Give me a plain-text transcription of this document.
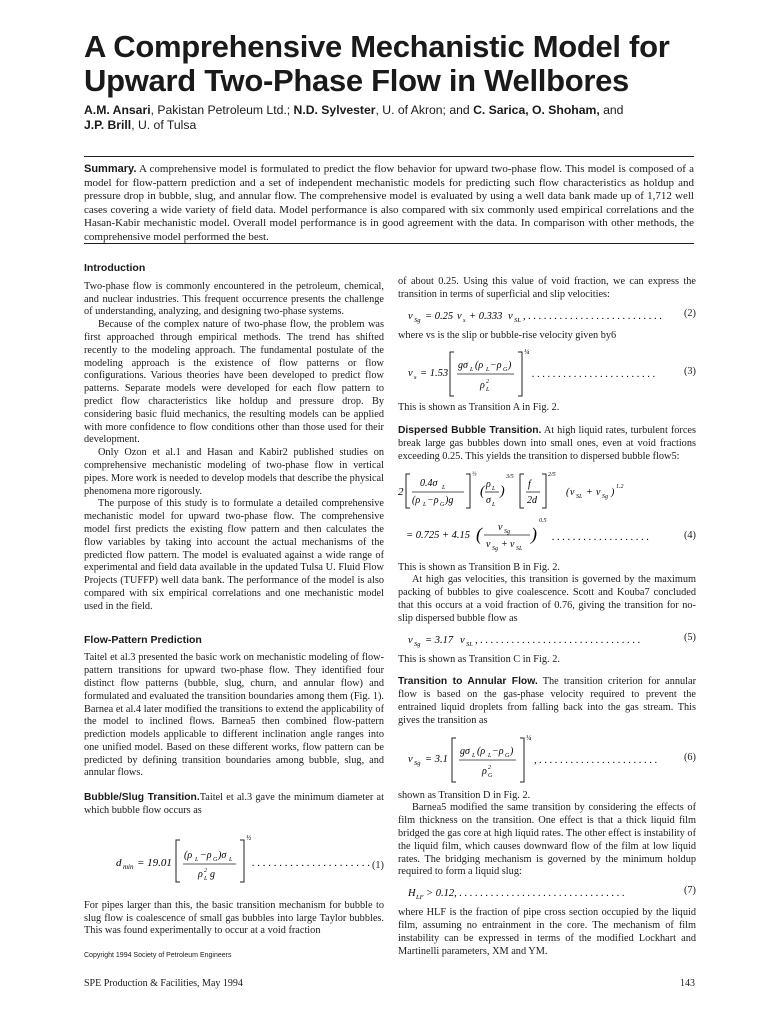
A Comprehensive Mechanistic Model for Upward Two-Phase Flow in Wellbores
A.M. Ansari, Pakistan Petroleum Ltd.; N.D. Sylvester, U. of Akron; and C. Sarica, O. Shoham, and
J.P. Brill, U. of Tulsa
Summary. A comprehensive model is formulated to predict the flow behavior for upward two-phase flow. This model is composed of a model for flow-pattern prediction and a set of independent mechanistic models for predicting such flow characteristics as holdup and pressure drop in bubble, slug, and annular flow. The comprehensive model is evaluated by using a well data bank made up of 1,712 well cases covering a wide variety of field data. Model performance is also compared with six commonly used empirical correlations and the Hasan-Kabir mechanistic model. Overall model performance is in good agreement with the data. In comparison with other methods, the comprehensive model performed the best.
Introduction

Two-phase flow is commonly encountered in the petroleum, chemical, and nuclear industries. This frequent occurrence presents the challenge of understanding, analyzing, and designing two-phase systems.

Because of the complex nature of two-phase flow, the problem was first approached through empirical methods. The trend has shifted recently to the modeling approach. The fundamental postulate of the modeling approach is the existence of flow patterns or flow configurations. Various theories have been developed to predict flow patterns. Separate models were developed for each flow pattern to predict flow characteristics like holdup and pressure drop. By considering basic fluid mechanics, the resulting models can be applied with more confidence to flow conditions other than those used for their development.

Only Ozon et al.1 and Hasan and Kabir2 published studies on comprehensive mechanistic modeling of two-phase flow in vertical pipes. More work is needed to develop models that describe the physical phenomena more rigorously.

The purpose of this study is to formulate a detailed comprehensive mechanistic model for upward two-phase flow. The comprehensive model first predicts the existing flow pattern and then calculates the flow variables by taking into account the actual mechanisms of the predicted flow pattern. The model is evaluated against a wide range of experimental and field data available in the updated Tulsa U. Fluid Flow Projects (TUFFP) well data bank. The performance of the model is also compared with six empirical correlations and one mechanistic model used in the field.

Flow-Pattern Prediction

Taitel et al.3 presented the basic work on mechanistic modeling of flow-pattern transitions for upward two-phase flow. They identified four distinct flow patterns (bubble, slug, churn, and annular flow) and formulated and evaluated the transition boundaries among them (Fig. 1). Barnea et al.4 later modified the transitions to extend the applicability of the model to inclined flows. Barnea5 then combined flow-pattern prediction models applicable to different inclination angle ranges into one unified model. Based on these different works, flow pattern can be predicted by defining transition boundaries among bubble, slug, and annular flows.

Bubble/Slug Transition.Taitel et al.3 gave the minimum diameter at which bubble flow occurs as

d min = 19.01
(ρ L −ρ G )σ L
ρ 2
L g
½
. . . . . . . . . . . . . . . . . . . . . . (1)

For pipes larger than this, the basic transition mechanism for bubble to slug flow is coalescence of small gas bubbles into large Taylor bubbles. This was found experimentally to occur at a void fraction

Copyright 1994 Society of Petroleum Engineers
SPE Production & Facilities, May 1994

of about 0.25. Using this value of void fraction, we can express the transition in terms of superficial and slip velocities:

v Sg = 0.25 v s + 0.333 v SL , . . . . . . . . . . . . . . . . . . . . . . . . . . (2)

where vs is the slip or bubble-rise velocity given by6

v s = 1.53
gσ L (ρ L −ρ G )
ρ 2
L
¼
. . . . . . . . . . . . . . . . . . . . . . . .	(3)

This is shown as Transition A in Fig. 2.

Dispersed Bubble Transition. At high liquid rates, turbulent forces break large gas bubbles down into small ones, even at void fractions exceeding 0.25. This yields the transition to dispersed bubble flow5:

2
0.4σ L
(ρ L −ρ G )g
½
( ρ L
σ L
)
3/5
f
2d
2/5
( v SL + v Sg ) 1.2
= 0.725 + 4.15 ( v Sg
v Sg + v SL
)
0.5
. . . . . . . . . . . . . . . . . . .	(4)

This is shown as Transition B in Fig. 2.

At high gas velocities, this transition is governed by the maximum packing of bubbles to give coalescence. Scott and Kouba7 concluded that this occurs at a void fraction of 0.76, giving the transition for no-slip dispersed bubble flow as

v Sg = 3.17 v SL , . . . . . . . . . . . . . . . . . . . . . . . . . . . . . . .	(5)

This is shown as Transition C in Fig. 2.

Transition to Annular Flow. The transition criterion for annular flow is based on the gas-phase velocity required to prevent the entrained liquid droplets from falling back into the gas stream. This gives the transition as

v Sg = 3.1
gσ L (ρ L −ρ G )
ρ 2
G
¼
, . . . . . . . . . . . . . . . . . . . . . . .	(6)

shown as Transition D in Fig. 2.

Barnea5 modified the same transition by considering the effects of film thickness on the transition. One effect is that a thick liquid film bridged the gas core at high liquid rates. The other effect is instability of the liquid film, which causes downward flow of the film at low liquid rates. The bridging mechanism is governed by the minimum holdup required to form a liquid slug:

H LF > 0.12, . . . . . . . . . . . . . . . . . . . . . . . . . . . . . . . .	(7)

where HLF is the fraction of pipe cross section occupied by the liquid film, assuming no entrainment in the core. The mechanism of film instability can be expressed in terms of the modified Lockhart and Martinelli parameters, XM and YM.

143
